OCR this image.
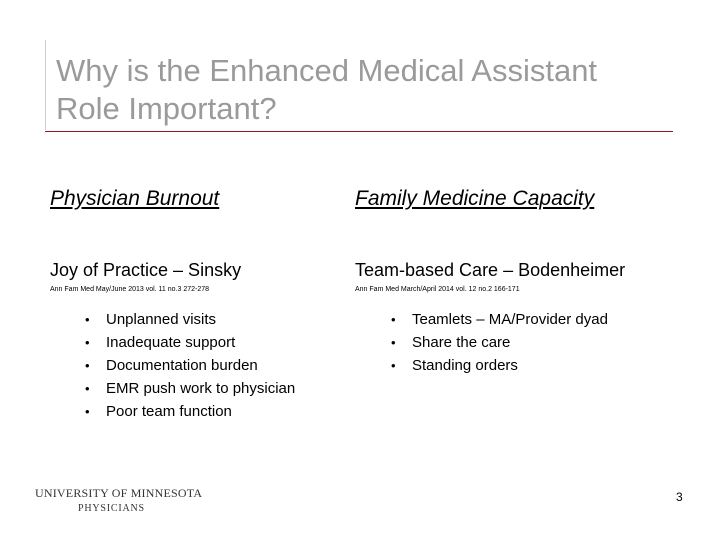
Why is the Enhanced Medical Assistant Role Important?
Physician Burnout
Joy of Practice – Sinsky

Ann Fam Med May/June 2013 vol. 11 no.3 272-278

• Unplanned visits
• Inadequate support
• Documentation burden
• EMR push work to physician
• Poor team function
Family Medicine Capacity
Team-based Care – Bodenheimer

Ann Fam Med March/April 2014 vol. 12 no.2 166-171

• Teamlets – MA/Provider dyad
• Share the care
• Standing orders
UNIVERSITY OF MINNESOTA
PHYSICIANS
3
